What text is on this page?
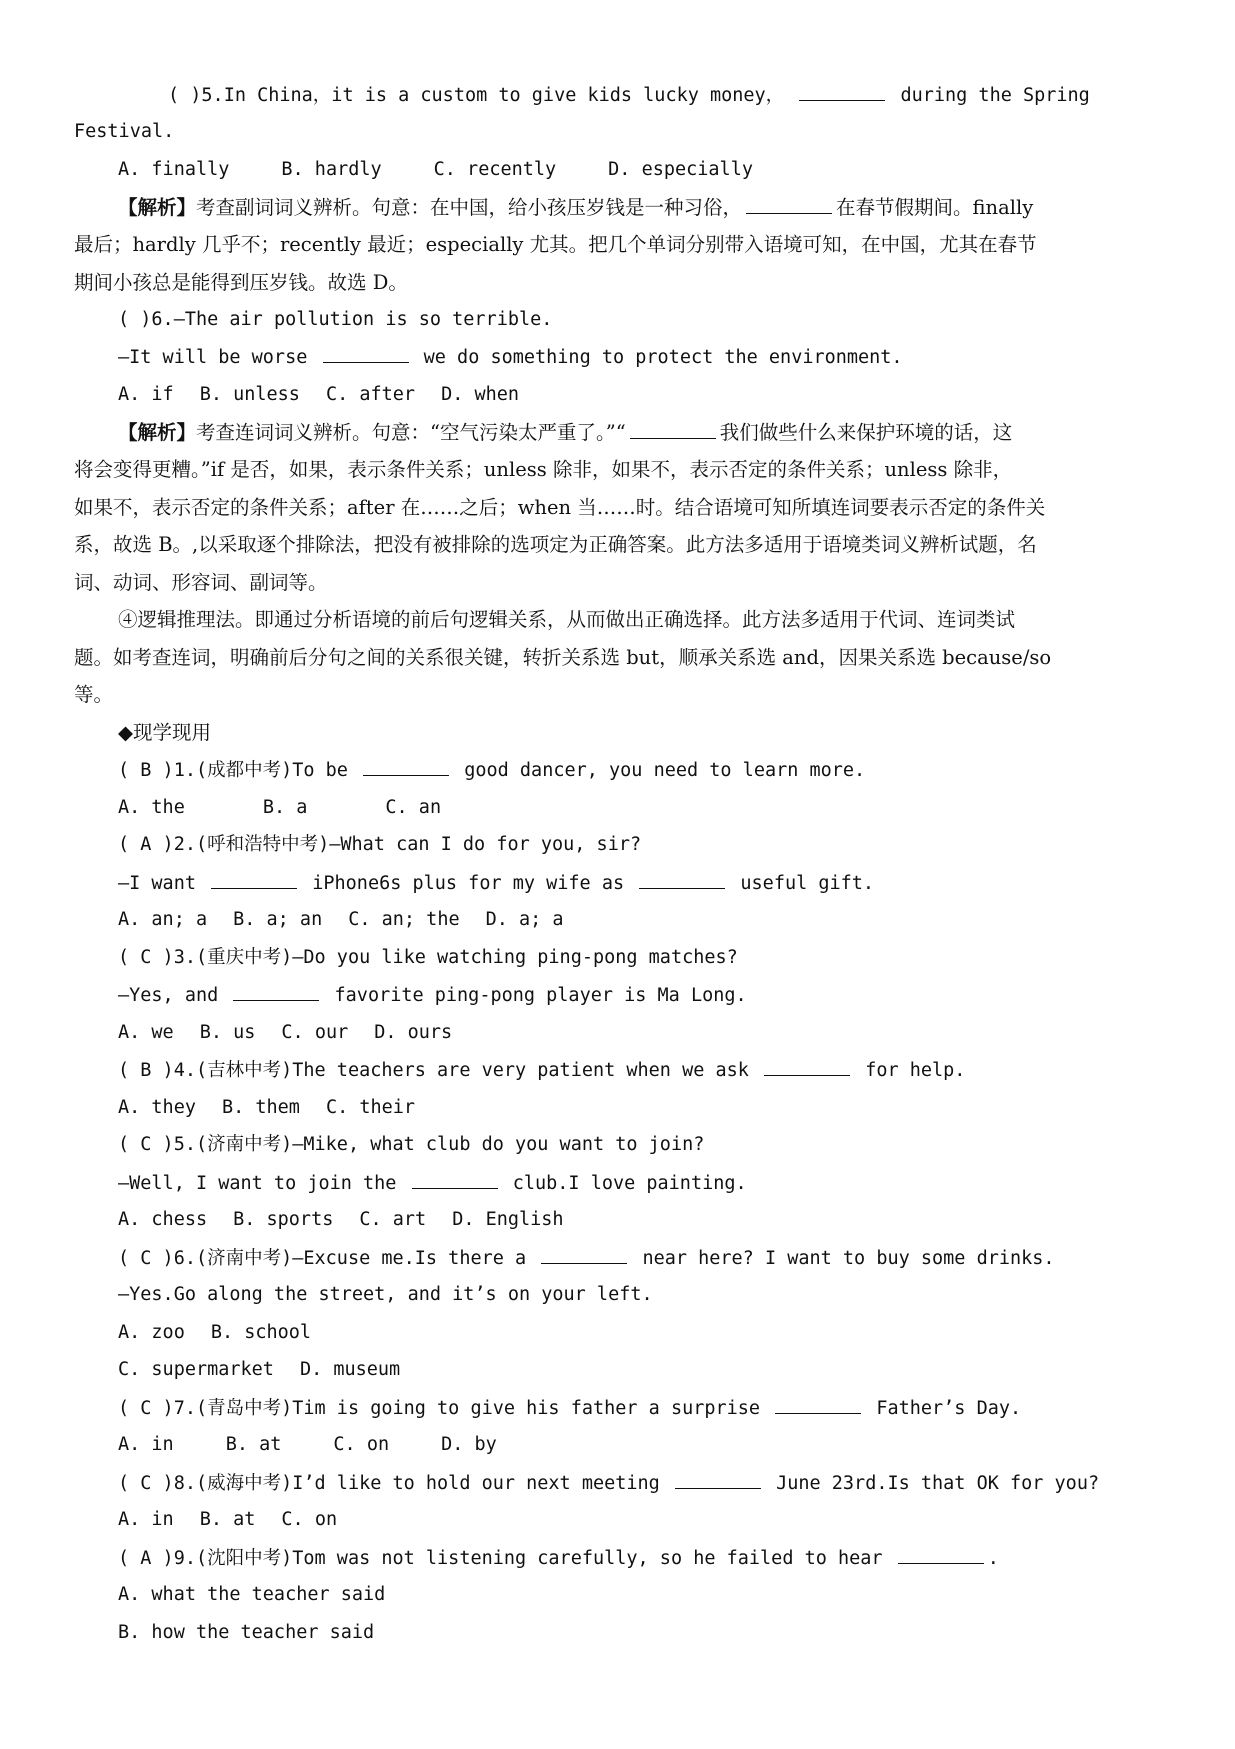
( )5.In China，it is a custom to give kids lucky money，	during the Spring
Festival.
A. finally	B. hardly	C. recently	D. especially
【解析】考查副词词义辨析。句意：在中国，给小孩压岁钱是一种习俗，	在春节假期间。finally
最后；hardly 几乎不；recently 最近；especially 尤其。把几个单词分别带入语境可知，在中国，尤其在春节
期间小孩总是能得到压岁钱。故选 D。
( )6.—The air pollution is so terrible.
—It will be worse	we do something to protect the environment.
A. if B. unless C. after D. when
【解析】考查连词词义辨析。句意：“空气污染太严重了。”“	我们做些什么来保护环境的话，这
将会变得更糟。”if 是否，如果，表示条件关系；unless 除非，如果不，表示否定的条件关系；unless 除非，
如果不，表示否定的条件关系；after 在……之后；when 当……时。结合语境可知所填连词要表示否定的条件关
系，故选 B。,以采取逐个排除法，把没有被排除的选项定为正确答案。此方法多适用于语境类词义辨析试题，名
词、动词、形容词、副词等。
④逻辑推理法。即通过分析语境的前后句逻辑关系，从而做出正确选择。此方法多适用于代词、连词类试
题。如考查连词，明确前后分句之间的关系很关键，转折关系选 but，顺承关系选 and，因果关系选 because/so
等。
◆现学现用
( B )1.(成都中考)To be	good dancer, you need to learn more.
A. the	B. a	C. an
( A )2.(呼和浩特中考)—What can I do for you, sir?
—I want	iPhone6s plus for my wife as	useful gift.
A. an; a B. a; an C. an; the D. a; a
( C )3.(重庆中考)—Do you like watching ping-pong matches?
—Yes, and	favorite ping-pong player is Ma Long.
A. we B. us C. our D. ours
( B )4.(吉林中考)The teachers are very patient when we ask	for help.
A. they B. them C. their
( C )5.(济南中考)—Mike, what club do you want to join?
—Well, I want to join the	club.I love painting.
A. chess B. sports C. art D. English
( C )6.(济南中考)—Excuse me.Is there a	near here? I want to buy some drinks.
—Yes.Go along the street, and it’s on your left.
A. zoo B. school
C. supermarket D. museum
( C )7.(青岛中考)Tim is going to give his father a surprise	Father’s Day.
A. in	B. at	C. on	D. by
( C )8.(威海中考)I’d like to hold our next meeting	June 23rd.Is that OK for you?
A. in B. at C. on
( A )9.(沈阳中考)Tom was not listening carefully, so he failed to hear	.
A. what the teacher said
B. how the teacher said
